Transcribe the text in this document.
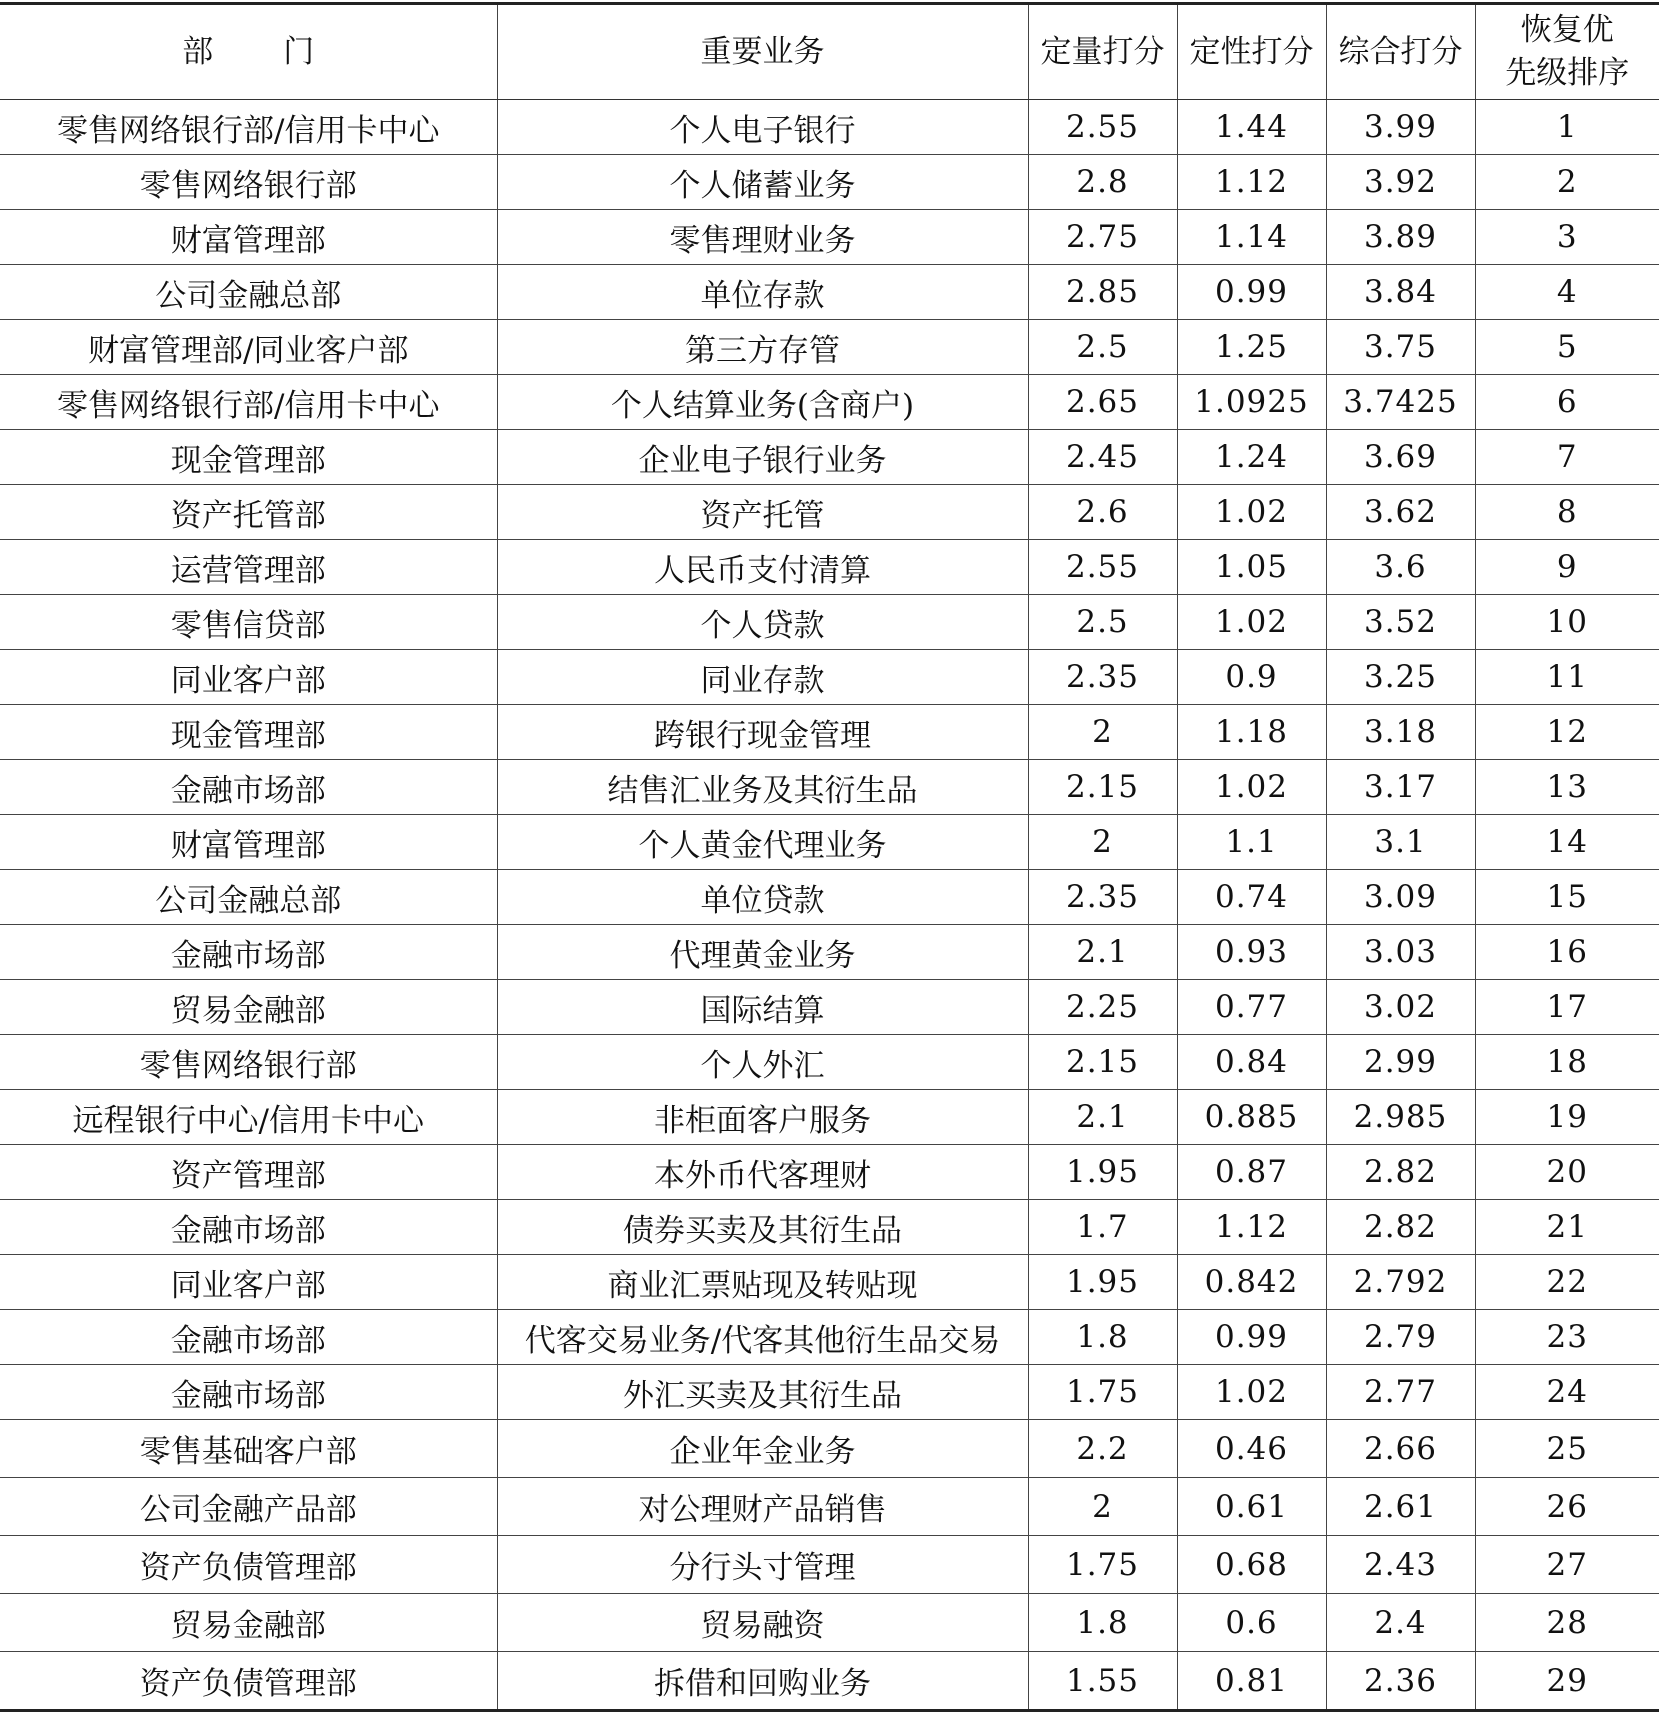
部 门	重要业务	定量打分	定性打分	综合打分	恢复优
先级排序
零售网络银行部/信用卡中心	个人电子银行	2.55	1.44	3.99	1
零售网络银行部	个人储蓄业务	2.8	1.12	3.92	2
财富管理部	零售理财业务	2.75	1.14	3.89	3
公司金融总部	单位存款	2.85	0.99	3.84	4
财富管理部/同业客户部	第三方存管	2.5	1.25	3.75	5
零售网络银行部/信用卡中心	个人结算业务(含商户)	2.65	1.0925	3.7425	6
现金管理部	企业电子银行业务	2.45	1.24	3.69	7
资产托管部	资产托管	2.6	1.02	3.62	8
运营管理部	人民币支付清算	2.55	1.05	3.6	9
零售信贷部	个人贷款	2.5	1.02	3.52	10
同业客户部	同业存款	2.35	0.9	3.25	11
现金管理部	跨银行现金管理	2	1.18	3.18	12
金融市场部	结售汇业务及其衍生品	2.15	1.02	3.17	13
财富管理部	个人黄金代理业务	2	1.1	3.1	14
公司金融总部	单位贷款	2.35	0.74	3.09	15
金融市场部	代理黄金业务	2.1	0.93	3.03	16
贸易金融部	国际结算	2.25	0.77	3.02	17
零售网络银行部	个人外汇	2.15	0.84	2.99	18
远程银行中心/信用卡中心	非柜面客户服务	2.1	0.885	2.985	19
资产管理部	本外币代客理财	1.95	0.87	2.82	20
金融市场部	债券买卖及其衍生品	1.7	1.12	2.82	21
同业客户部	商业汇票贴现及转贴现	1.95	0.842	2.792	22
金融市场部	代客交易业务/代客其他衍生品交易	1.8	0.99	2.79	23
金融市场部	外汇买卖及其衍生品	1.75	1.02	2.77	24
零售基础客户部	企业年金业务	2.2	0.46	2.66	25
公司金融产品部	对公理财产品销售	2	0.61	2.61	26
资产负债管理部	分行头寸管理	1.75	0.68	2.43	27
贸易金融部	贸易融资	1.8	0.6	2.4	28
资产负债管理部	拆借和回购业务	1.55	0.81	2.36	29
